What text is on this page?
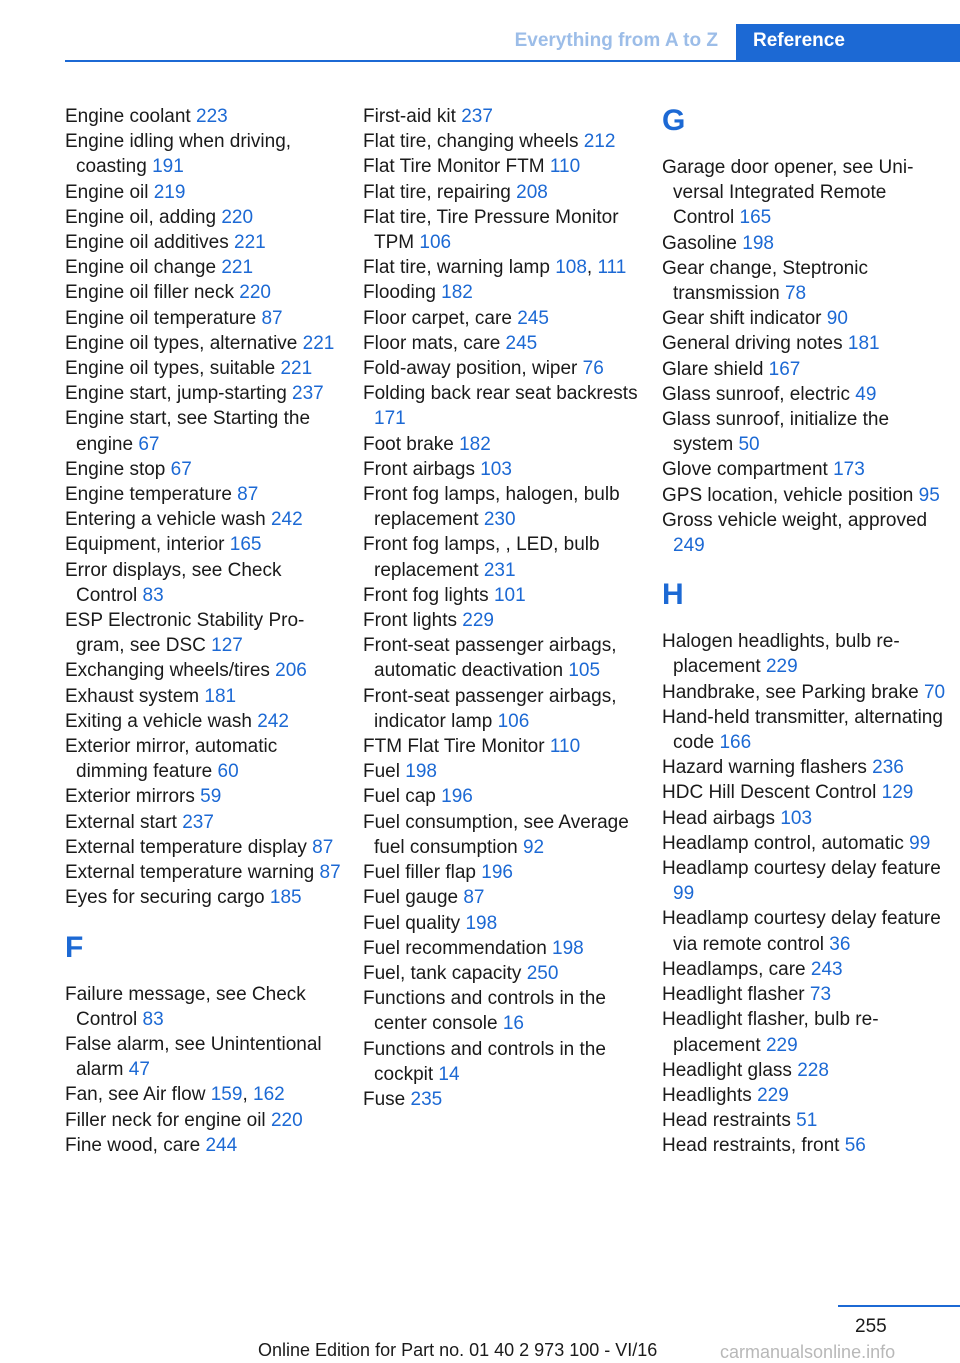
Everything from A to Z	Reference
Engine coolant 223
Engine idling when driving, coasting 191
Engine oil 219
Engine oil, adding 220
Engine oil additives 221
Engine oil change 221
Engine oil filler neck 220
Engine oil temperature 87
Engine oil types, alternative 221
Engine oil types, suitable 221
Engine start, jump-starting 237
Engine start, see Starting the engine 67
Engine stop 67
Engine temperature 87
Entering a vehicle wash 242
Equipment, interior 165
Error displays, see Check Control 83
ESP Electronic Stability Program, see DSC 127
Exchanging wheels/tires 206
Exhaust system 181
Exiting a vehicle wash 242
Exterior mirror, automatic dimming feature 60
Exterior mirrors 59
External start 237
External temperature display 87
External temperature warning 87
Eyes for securing cargo 185
F
Failure message, see Check Control 83
False alarm, see Unintentional alarm 47
Fan, see Air flow 159, 162
Filler neck for engine oil 220
Fine wood, care 244
First-aid kit 237
Flat tire, changing wheels 212
Flat Tire Monitor FTM 110
Flat tire, repairing 208
Flat tire, Tire Pressure Monitor TPM 106
Flat tire, warning lamp 108, 111
Flooding 182
Floor carpet, care 245
Floor mats, care 245
Fold-away position, wiper 76
Folding back rear seat backrests 171
Foot brake 182
Front airbags 103
Front fog lamps, halogen, bulb replacement 230
Front fog lamps, , LED, bulb replacement 231
Front fog lights 101
Front lights 229
Front-seat passenger airbags, automatic deactivation 105
Front-seat passenger airbags, indicator lamp 106
FTM Flat Tire Monitor 110
Fuel 198
Fuel cap 196
Fuel consumption, see Average fuel consumption 92
Fuel filler flap 196
Fuel gauge 87
Fuel quality 198
Fuel recommendation 198
Fuel, tank capacity 250
Functions and controls in the center console 16
Functions and controls in the cockpit 14
Fuse 235
G
Garage door opener, see Universal Integrated Remote Control 165
Gasoline 198
Gear change, Steptronic transmission 78
Gear shift indicator 90
General driving notes 181
Glare shield 167
Glass sunroof, electric 49
Glass sunroof, initialize the system 50
Glove compartment 173
GPS location, vehicle position 95
Gross vehicle weight, approved 249
H
Halogen headlights, bulb replacement 229
Handbrake, see Parking brake 70
Hand-held transmitter, alternating code 166
Hazard warning flashers 236
HDC Hill Descent Control 129
Head airbags 103
Headlamp control, automatic 99
Headlamp courtesy delay feature 99
Headlamp courtesy delay feature via remote control 36
Headlamps, care 243
Headlight flasher 73
Headlight flasher, bulb replacement 229
Headlight glass 228
Headlights 229
Head restraints 51
Head restraints, front 56
255
Online Edition for Part no. 01 40 2 973 100 - VI/16	carmanualsonline.info
